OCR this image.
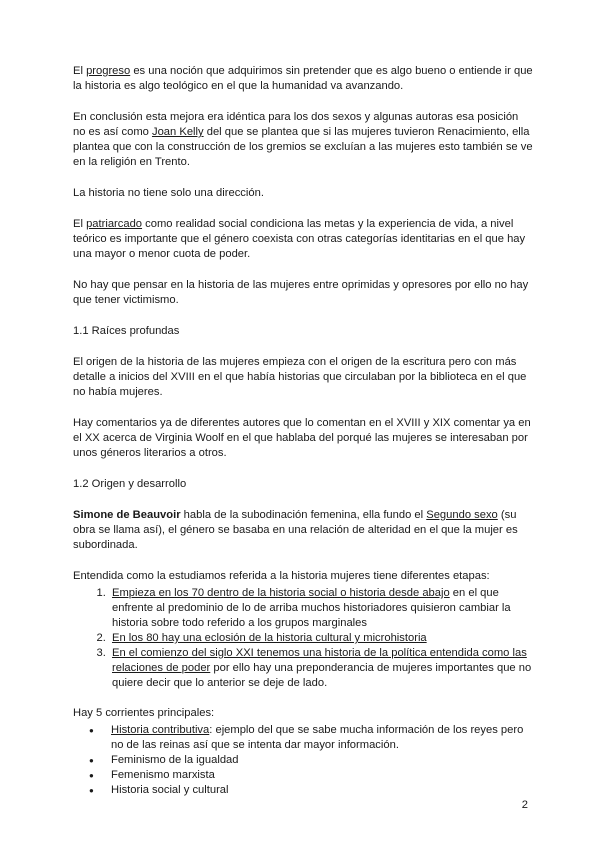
El progreso es una noción que adquirimos sin pretender que es algo bueno o entiende ir que la historia es algo teológico en el que la humanidad va avanzando.

En conclusión esta mejora era idéntica para los dos sexos y algunas autoras esa posición no es así como Joan Kelly del que se plantea que si las mujeres tuvieron Renacimiento, ella plantea que con la construcción de los gremios se excluían a las mujeres esto también se ve en la religión en Trento.

La historia no tiene solo una dirección.

El patriarcado como realidad social condiciona las metas y la experiencia de vida, a nivel teórico es importante que el género coexista con otras categorías identitarias en el que hay una mayor o menor cuota de poder.

No hay que pensar en la historia de las mujeres entre oprimidas y opresores por ello no hay que tener victimismo.

1.1 Raíces profundas

El origen de la historia de las mujeres empieza con el origen de la escritura pero con más detalle a inicios del XVIII en el que había historias que circulaban por la biblioteca en el que no había mujeres.

Hay comentarios ya de diferentes autores que lo comentan en el XVIII y XIX comentar ya en el XX acerca de Virginia Woolf en el que hablaba del porqué las mujeres se interesaban por unos géneros literarios a otros.

1.2 Origen y desarrollo

Simone de Beauvoir habla de la subodinación femenina, ella fundo el Segundo sexo (su obra se llama así), el género se basaba en una relación de alteridad en el que la mujer es subordinada.

Entendida como la estudiamos referida a la historia mujeres tiene diferentes etapas:

1. Empieza en los 70 dentro de la historia social o historia desde abajo en el que enfrente al predominio de lo de arriba muchos historiadores quisieron cambiar la historia sobre todo referido a los grupos marginales
2. En los 80 hay una eclosión de la historia cultural y microhistoria
3. En el comienzo del siglo XXI tenemos una historia de la política entendida como las relaciones de poder por ello hay una preponderancia de mujeres importantes que no quiere decir que lo anterior se deje de lado.

Hay 5 corrientes principales:

● Historia contributiva: ejemplo del que se sabe mucha información de los reyes pero no de las reinas así que se intenta dar mayor información.
● Feminismo de la igualdad
● Femenismo marxista
● Historia social y cultural
2
